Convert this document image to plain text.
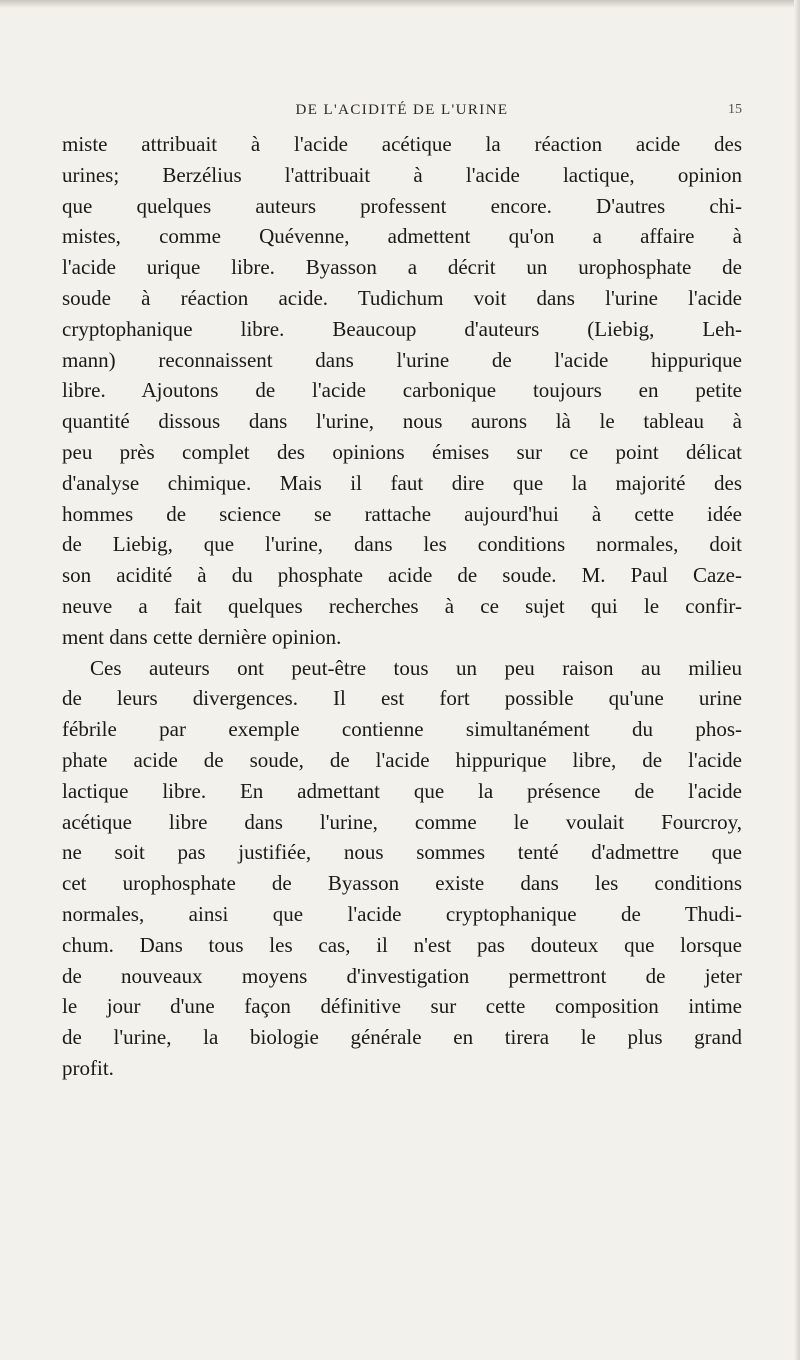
DE L'ACIDITÉ DE L'URINE	15
miste attribuait à l'acide acétique la réaction acide des
urines; Berzélius l'attribuait à l'acide lactique, opinion
que quelques auteurs professent encore. D'autres chi-
mistes, comme Quévenne, admettent qu'on a affaire à
l'acide urique libre. Byasson a décrit un urophosphate de
soude à réaction acide. Tudichum voit dans l'urine l'acide
cryptophanique libre. Beaucoup d'auteurs (Liebig, Leh-
mann) reconnaissent dans l'urine de l'acide hippurique
libre. Ajoutons de l'acide carbonique toujours en petite
quantité dissous dans l'urine, nous aurons là le tableau à
peu près complet des opinions émises sur ce point délicat
d'analyse chimique. Mais il faut dire que la majorité des
hommes de science se rattache aujourd'hui à cette idée
de Liebig, que l'urine, dans les conditions normales, doit
son acidité à du phosphate acide de soude. M. Paul Caze-
neuve a fait quelques recherches à ce sujet qui le confir-
ment dans cette dernière opinion.
Ces auteurs ont peut-être tous un peu raison au milieu
de leurs divergences. Il est fort possible qu'une urine
fébrile par exemple contienne simultanément du phos-
phate acide de soude, de l'acide hippurique libre, de l'acide
lactique libre. En admettant que la présence de l'acide
acétique libre dans l'urine, comme le voulait Fourcroy,
ne soit pas justifiée, nous sommes tenté d'admettre que
cet urophosphate de Byasson existe dans les conditions
normales, ainsi que l'acide cryptophanique de Thudi-
chum. Dans tous les cas, il n'est pas douteux que lorsque
de nouveaux moyens d'investigation permettront de jeter
le jour d'une façon définitive sur cette composition intime
de l'urine, la biologie générale en tirera le plus grand
profit.
